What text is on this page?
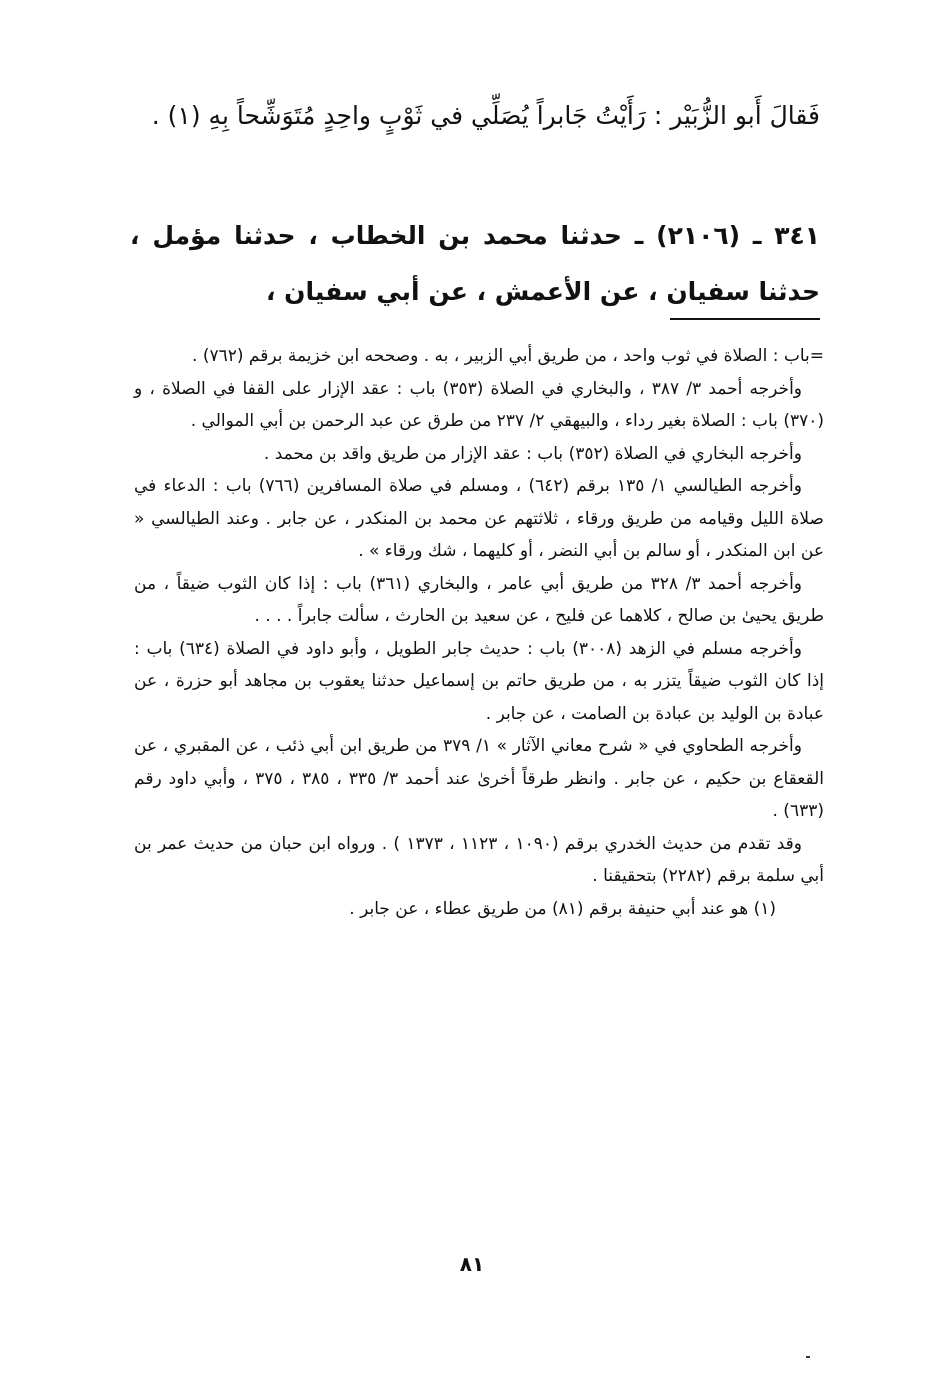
فَقالَ أَبو الزُّبَيْر : رَأَيْتُ جَابراً يُصَلِّي في ثَوْبٍ واحِدٍ مُتَوَشِّحاً بِهِ (١) .

٣٤١ ـ (٢١٠٦) ـ حدثنا محمد بن الخطاب ، حدثنا مؤمل ، حدثنا سفيان ، عن الأعمش ، عن أبي سفيان ،

=باب : الصلاة في ثوب واحد ، من طريق أبي الزبير ، به . وصححه ابن خزيمة برقم (٧٦٢) .

وأخرجه أحمد ٣/ ٣٨٧ ، والبخاري في الصلاة (٣٥٣) باب : عقد الإزار على القفا في الصلاة ، و (٣٧٠) باب : الصلاة بغير رداء ، والبيهقي ٢/ ٢٣٧ من طرق عن عبد الرحمن بن أبي الموالي .

وأخرجه البخاري في الصلاة (٣٥٢) باب : عقد الإزار من طريق واقد بن محمد .

وأخرجه الطيالسي ١/ ١٣٥ برقم (٦٤٢) ، ومسلم في صلاة المسافرين (٧٦٦) باب : الدعاء في صلاة الليل وقيامه من طريق ورقاء ، ثلاثتهم عن محمد بن المنكدر ، عن جابر . وعند الطيالسي « عن ابن المنكدر ، أو سالم بن أبي النضر ، أو كليهما ، شك ورقاء » .

وأخرجه أحمد ٣/ ٣٢٨ من طريق أبي عامر ، والبخاري (٣٦١) باب : إذا كان الثوب ضيقاً ، من طريق يحيىٰ بن صالح ، كلاهما عن فليح ، عن سعيد بن الحارث ، سألت جابراً . . . .

وأخرجه مسلم في الزهد (٣٠٠٨) باب : حديث جابر الطويل ، وأبو داود في الصلاة (٦٣٤) باب : إذا كان الثوب ضيقاً يتزر به ، من طريق حاتم بن إسماعيل حدثنا يعقوب بن مجاهد أبو حزرة ، عن عبادة بن الوليد بن عبادة بن الصامت ، عن جابر .

وأخرجه الطحاوي في « شرح معاني الآثار » ١/ ٣٧٩ من طريق ابن أبي ذئب ، عن المقبري ، عن القعقاع بن حكيم ، عن جابر . وانظر طرقاً أخرىٰ عند أحمد ٣/ ٣٣٥ ، ٣٨٥ ، ٣٧٥ ، وأبي داود رقم (٦٣٣) .

وقد تقدم من حديث الخدري برقم (١٠٩٠ ، ١١٢٣ ، ١٣٧٣ ) . ورواه ابن حبان من حديث عمر بن أبي سلمة برقم (٢٢٨٢) بتحقيقنا .

(١) هو عند أبي حنيفة برقم (٨١) من طريق عطاء ، عن جابر .

٨١
